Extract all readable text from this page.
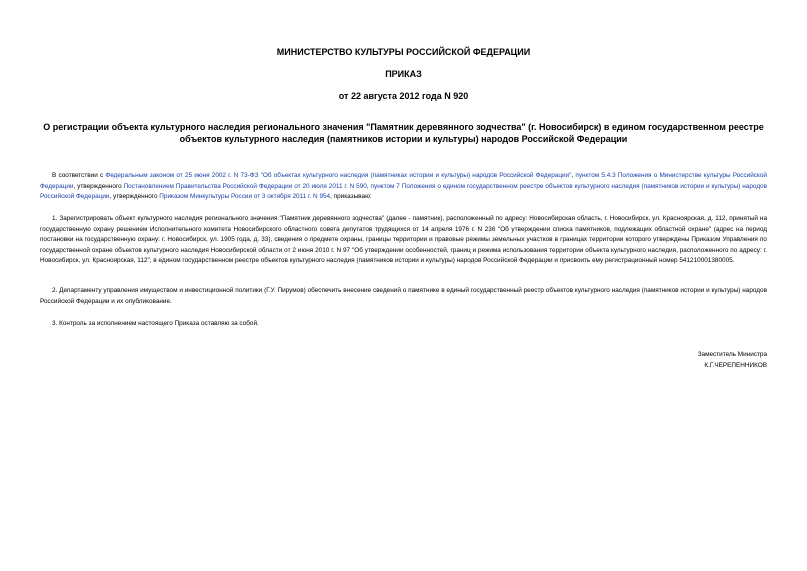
МИНИСТЕРСТВО КУЛЬТУРЫ РОССИЙСКОЙ ФЕДЕРАЦИИ
ПРИКАЗ
от 22 августа 2012 года N 920
О регистрации объекта культурного наследия регионального значения "Памятник деревянного зодчества" (г. Новосибирск) в едином государственном реестре объектов культурного наследия (памятников истории и культуры) народов Российской Федерации

В соответствии с Федеральным законом от 25 июня 2002 г. N 73-ФЗ "Об объектах культурного наследия (памятниках истории и культуры) народов Российской Федерации", пунктом 5.4.3 Положения о Министерстве культуры Российской Федерации, утвержденного Постановлением Правительства Российской Федерации от 20 июля 2011 г. N 590, пунктом 7 Положения о едином государственном реестре объектов культурного наследия (памятников истории и культуры) народов Российской Федерации, утвержденного Приказом Минкультуры России от 3 октября 2011 г. N 954, приказываю:

1. Зарегистрировать объект культурного наследия регионального значения "Памятник деревянного зодчества" (далее - памятник), расположенный по адресу: Новосибирская область, г. Новосибирск, ул. Красноярская, д. 112, принятый на государственную охрану решением Исполнительного комитета Новосибирского областного совета депутатов трудящихся от 14 апреля 1976 г. N 236 "Об утверждении списка памятников, подлежащих областной охране" (адрес на период постановки на государственную охрану: г. Новосибирск, ул. 1905 года, д. 33), сведения о предмете охраны, границы территории и правовые режимы земельных участков в границах территории которого утверждены Приказом Управления по государственной охране объектов культурного наследия Новосибирской области от 2 июня 2010 г. N 97 "Об утверждении особенностей, границ и режима использования территории объекта культурного наследия, расположенного по адресу: г. Новосибирск, ул. Красноярская, 112", в едином государственном реестре объектов культурного наследия (памятников истории и культуры) народов Российской Федерации и присвоить ему регистрационный номер 541210001380005.

2. Департаменту управления имуществом и инвестиционной политики (Г.У. Пирумов) обеспечить внесение сведений о памятнике в единый государственный реестр объектов культурного наследия (памятников истории и культуры) народов Российской Федерации и их опубликование.

3. Контроль за исполнением настоящего Приказа оставляю за собой.

Заместитель Министра
К.Г.ЧЕРЕПЕННИКОВ
